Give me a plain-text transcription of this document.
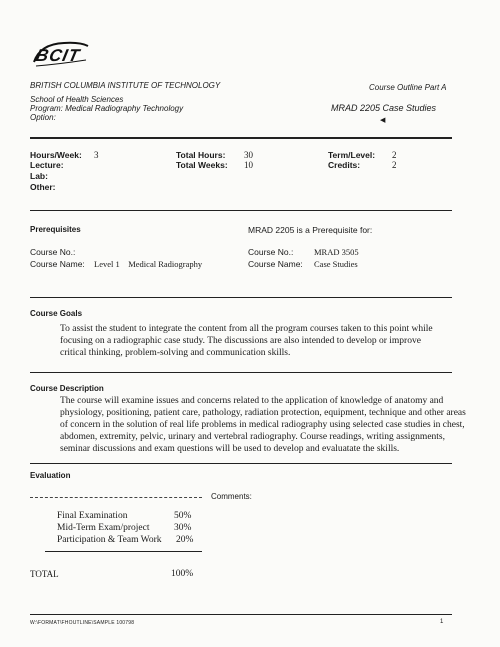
BCIT
BRITISH COLUMBIA INSTITUTE OF TECHNOLOGY
School of Health Sciences
Program: Medical Radiography Technology
Option:
Course Outline Part A
MRAD 2205 Case Studies
◀
Hours/Week: 3
Lecture:
Lab:
Other:
Total Hours: 30
Total Weeks: 10
Term/Level: 2
Credits:	2
Prerequisites	MRAD 2205 is a Prerequisite for:
Course No.:
Course Name: Level 1    Medical Radiography
Course No.: MRAD 3505
Course Name: Case Studies
Course Goals
To assist the student to integrate the content from all the program courses taken to this point while focusing on a radiographic case study. The discussions are also intended to develop or improve critical thinking, problem-solving and communication skills.
Course Description
The course will examine issues and concerns related to the application of knowledge of anatomy and physiology, positioning, patient care, pathology, radiation protection, equipment, technique and other areas of concern in the solution of real life problems in medical radiography using selected case studies in chest, abdomen, extremity, pelvic, urinary and vertebral radiography. Course readings, writing assignments, seminar discussions and exam questions will be used to develop and evaluatate the skills.
Evaluation
Comments:
Final Examination	50%
Mid-Term Exam/project	30%
Participation & Team Work 20%
TOTAL	100%
W:\FORMAT\FHOUTLINE\SAMPLE 100798	1
